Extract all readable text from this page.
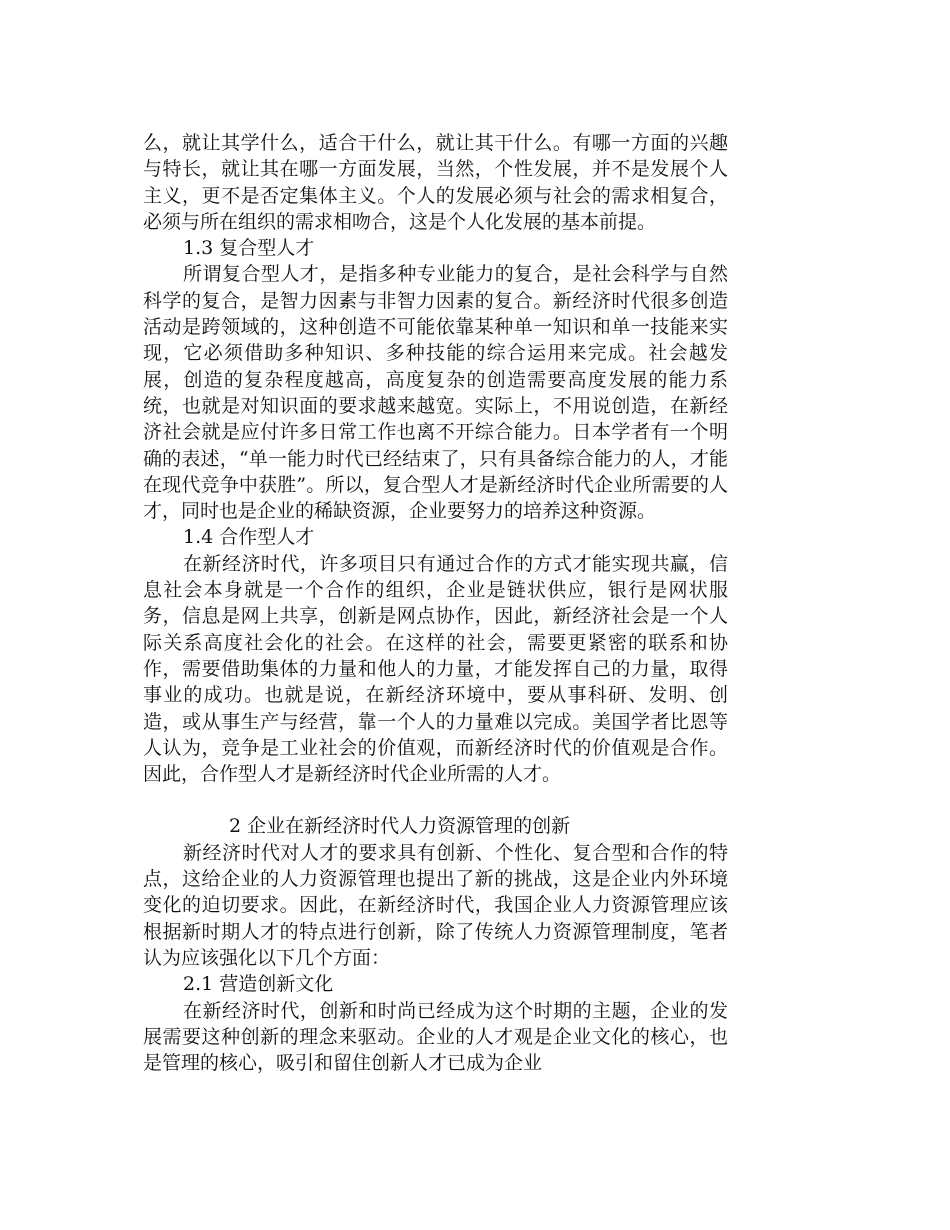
么，就让其学什么，适合干什么，就让其干什么。有哪一方面的兴趣与特长，就让其在哪一方面发展，当然，个性发展，并不是发展个人主义，更不是否定集体主义。个人的发展必须与社会的需求相复合，必须与所在组织的需求相吻合，这是个人化发展的基本前提。

1.3 复合型人才

所谓复合型人才，是指多种专业能力的复合，是社会科学与自然科学的复合，是智力因素与非智力因素的复合。新经济时代很多创造活动是跨领域的，这种创造不可能依靠某种单一知识和单一技能来实现，它必须借助多种知识、多种技能的综合运用来完成。社会越发展，创造的复杂程度越高，高度复杂的创造需要高度发展的能力系统，也就是对知识面的要求越来越宽。实际上，不用说创造，在新经济社会就是应付许多日常工作也离不开综合能力。日本学者有一个明确的表述，“单一能力时代已经结束了，只有具备综合能力的人，才能在现代竞争中获胜”。所以，复合型人才是新经济时代企业所需要的人才，同时也是企业的稀缺资源，企业要努力的培养这种资源。

1.4 合作型人才

在新经济时代，许多项目只有通过合作的方式才能实现共赢，信息社会本身就是一个合作的组织，企业是链状供应，银行是网状服务，信息是网上共享，创新是网点协作，因此，新经济社会是一个人际关系高度社会化的社会。在这样的社会，需要更紧密的联系和协作，需要借助集体的力量和他人的力量，才能发挥自己的力量，取得事业的成功。也就是说，在新经济环境中，要从事科研、发明、创造，或从事生产与经营，靠一个人的力量难以完成。美国学者比恩等人认为，竞争是工业社会的价值观，而新经济时代的价值观是合作。因此，合作型人才是新经济时代企业所需的人才。

2 企业在新经济时代人力资源管理的创新

新经济时代对人才的要求具有创新、个性化、复合型和合作的特点，这给企业的人力资源管理也提出了新的挑战，这是企业内外环境变化的迫切要求。因此，在新经济时代，我国企业人力资源管理应该根据新时期人才的特点进行创新，除了传统人力资源管理制度，笔者认为应该强化以下几个方面：

2.1 营造创新文化

在新经济时代，创新和时尚已经成为这个时期的主题，企业的发展需要这种创新的理念来驱动。企业的人才观是企业文化的核心，也是管理的核心，吸引和留住创新人才已成为企业
